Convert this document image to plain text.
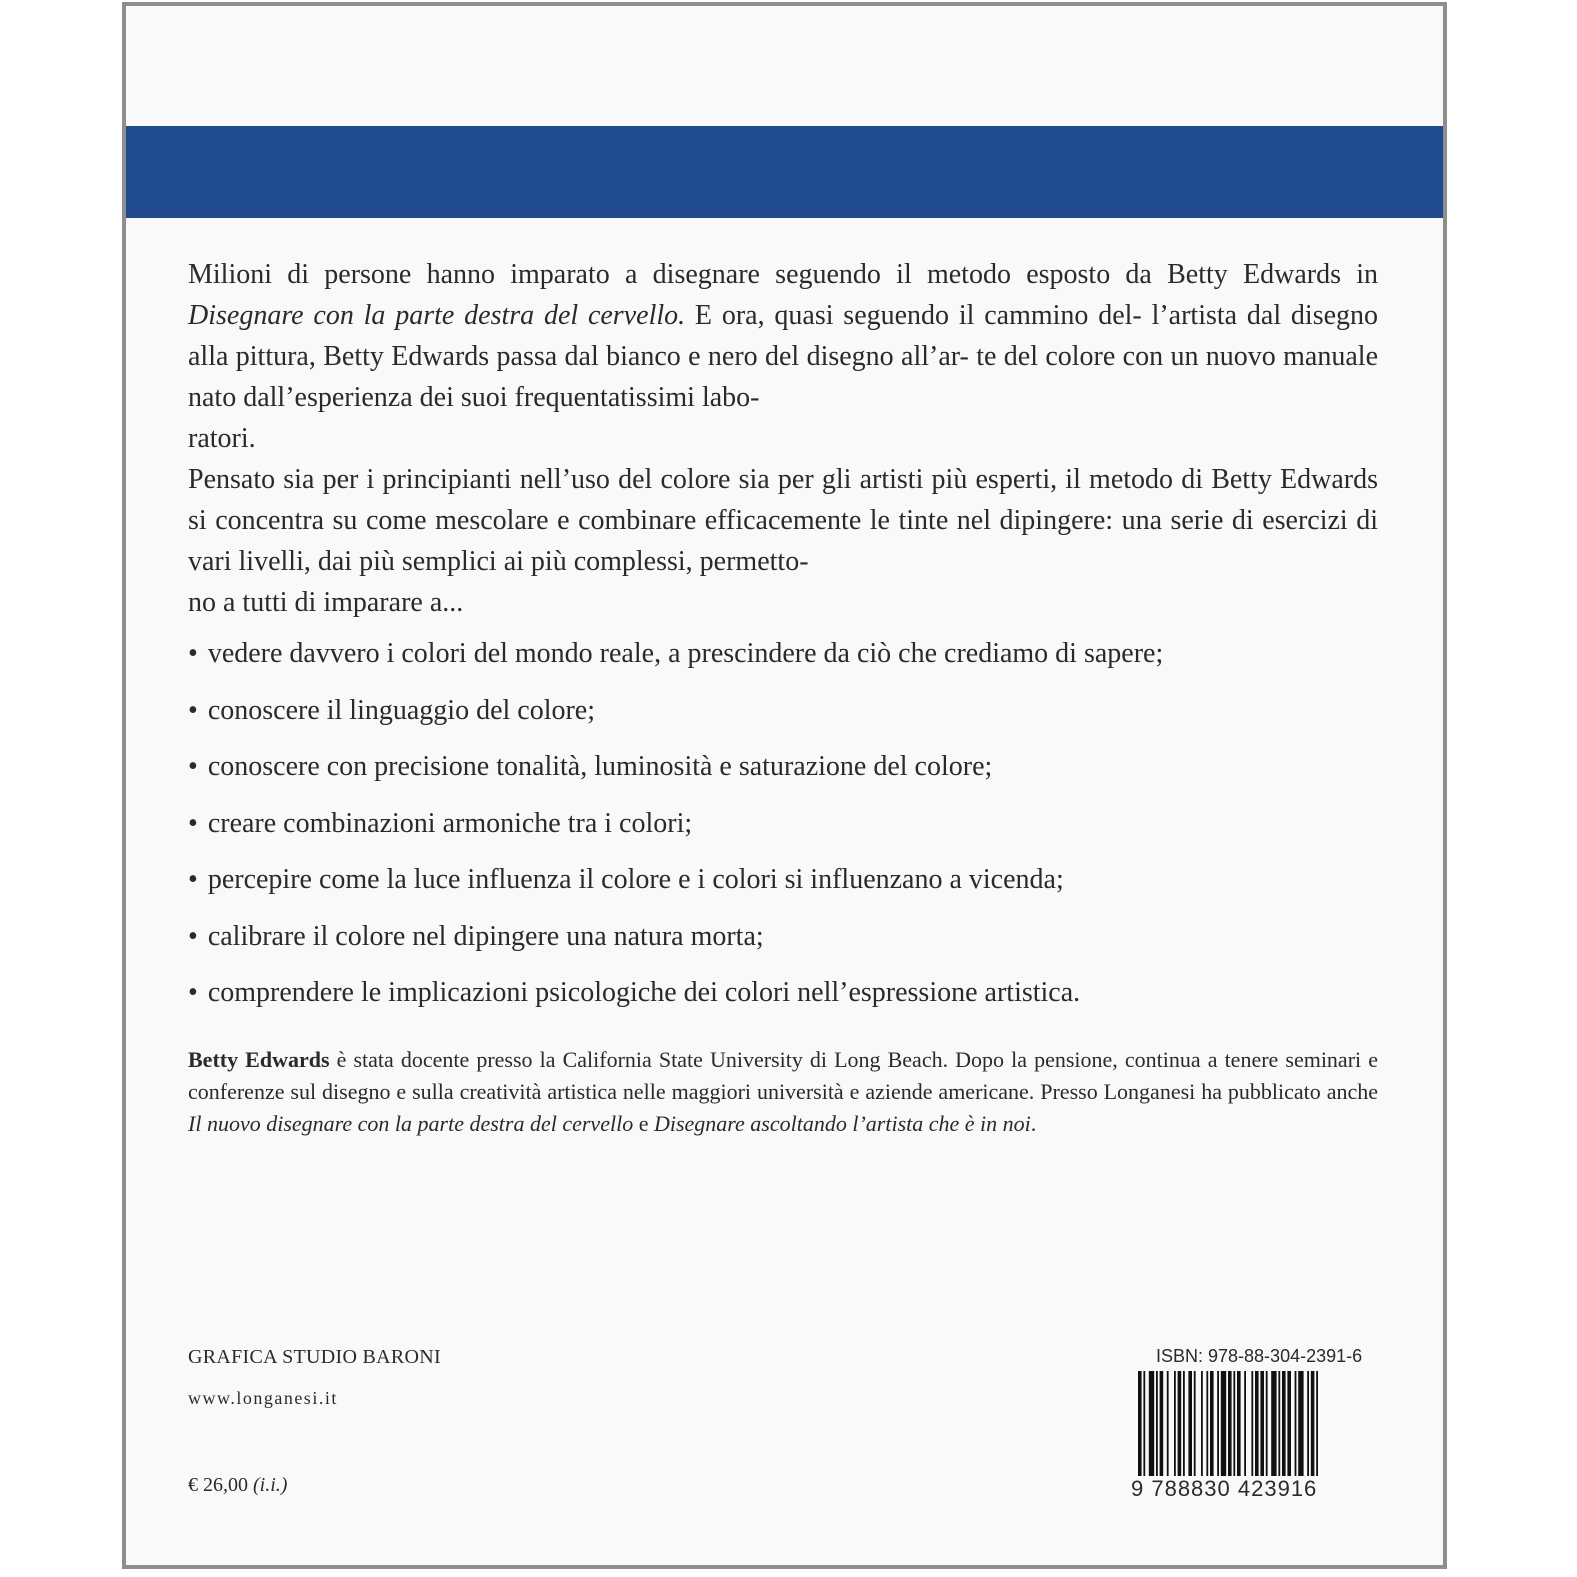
Milioni di persone hanno imparato a disegnare seguendo il metodo esposto da Betty Edwards in Disegnare con la parte destra del cervello. E ora, quasi seguendo il cammino del- l’artista dal disegno alla pittura, Betty Edwards passa dal bianco e nero del disegno all’ar- te del colore con un nuovo manuale nato dall’esperienza dei suoi frequentatissimi labo-

ratori.

Pensato sia per i principianti nell’uso del colore sia per gli artisti più esperti, il metodo di Betty Edwards si concentra su come mescolare e combinare efficacemente le tinte nel dipingere: una serie di esercizi di vari livelli, dai più semplici ai più complessi, permetto-

no a tutti di imparare a...

• vedere davvero i colori del mondo reale, a prescindere da ciò che crediamo di sapere;
• conoscere il linguaggio del colore;
• conoscere con precisione tonalità, luminosità e saturazione del colore;
• creare combinazioni armoniche tra i colori;
• percepire come la luce influenza il colore e i colori si influenzano a vicenda;
• calibrare il colore nel dipingere una natura morta;
• comprendere le implicazioni psicologiche dei colori nell’espressione artistica.
Betty Edwards è stata docente presso la California State University di Long Beach. Dopo la pensione, continua a tenere seminari e conferenze sul disegno e sulla creatività artistica nelle maggiori università e aziende americane. Presso Longanesi ha pubblicato anche Il nuovo disegnare con la parte destra del cervello e Disegnare ascoltando l’artista che è in noi.
GRAFICA STUDIO BARONI
www.longanesi.it
€ 26,00 (i.i.)
ISBN: 978-88-304-2391-6
9 788830 423916
